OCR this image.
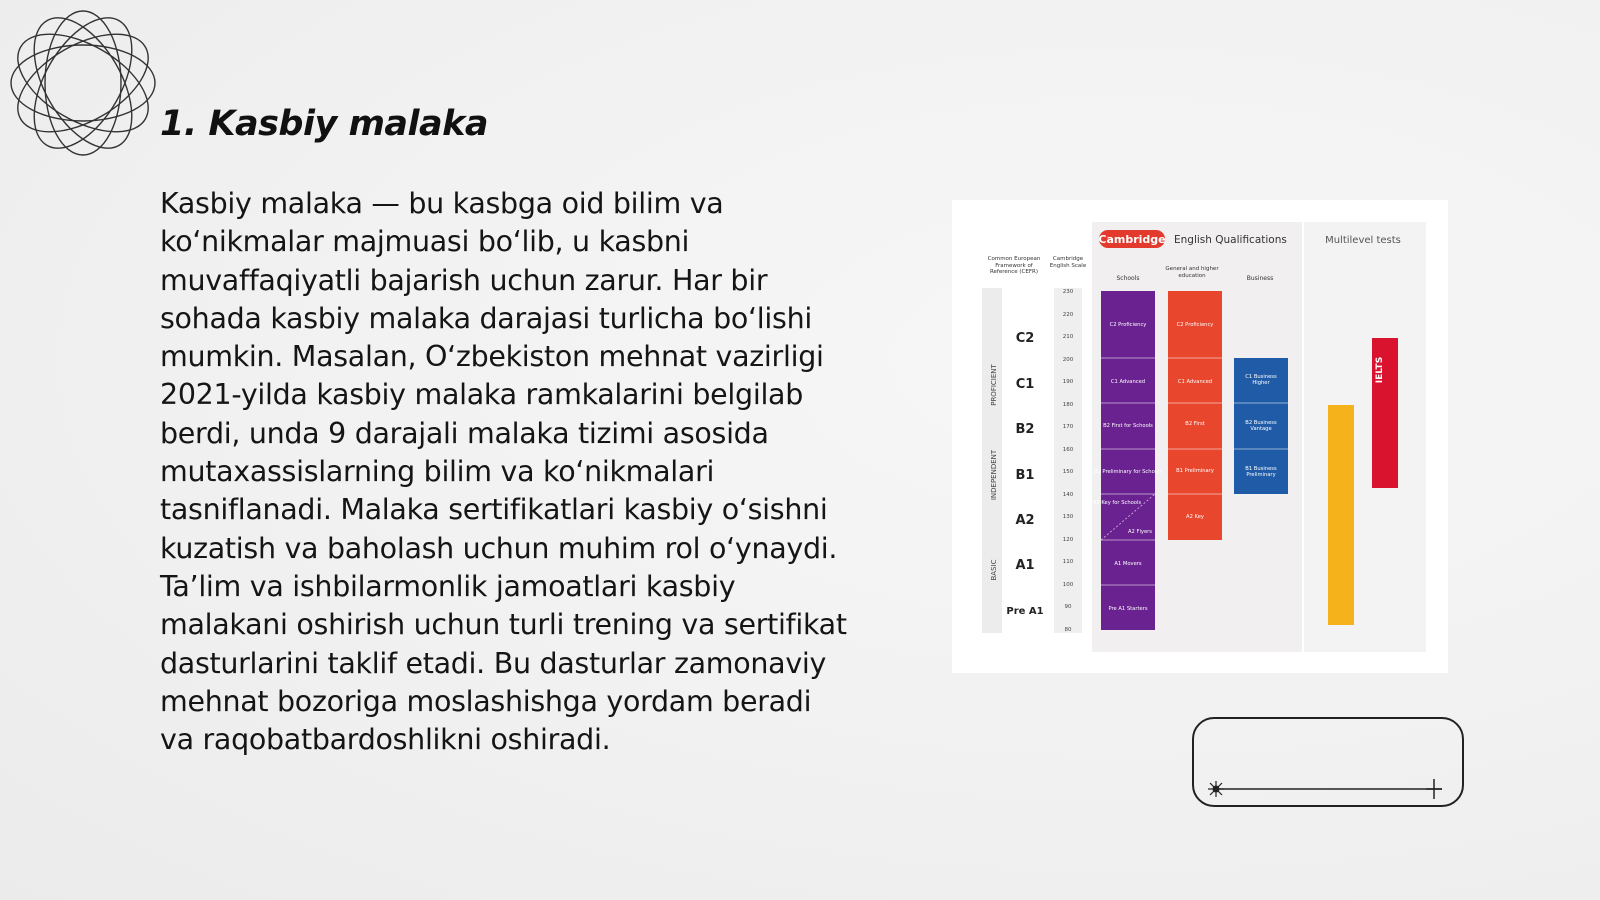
1. Kasbiy malaka

Kasbiy malaka — bu kasbga oid bilim va ko‘nikmalar majmuasi bo‘lib, u kasbni muvaffaqiyatli bajarish uchun zarur. Har bir sohada kasbiy malaka darajasi turlicha bo‘lishi mumkin. Masalan, O‘zbekiston mehnat vazirligi 2021-yilda kasbiy malaka ramkalarini belgilab berdi, unda 9 darajali malaka tizimi asosida mutaxassislarning bilim va ko‘nikmalari tasniflanadi. Malaka sertifikatlari kasbiy o‘sishni kuzatish va baholash uchun muhim rol o‘ynaydi. Ta’lim va ishbilarmonlik jamoatlari kasbiy malakani oshirish uchun turli trening va sertifikat dasturlarini taklif etadi. Bu dasturlar zamonaviy mehnat bozoriga moslashishga yordam beradi va raqobatbardoshlikni oshiradi.

Cambridge English Qualifications	Multilevel tests
Common European Framework of Reference (CEFR)
Cambridge English Scale
Schools
General and higher education	Business
PROFICIENT
INDEPENDENT
BASIC
C2
C1
B2
B1
A2
A1
Pre A1
230
220
210
200
190
180
170
160
150
140
130
120
110
100
90
80
C2 Proficiency
C1 Advanced
B2 First for Schools
B1 Preliminary for Schools
A2 Key for Schools
A2 Flyers
A1 Movers
Pre A1 Starters
C2 Proficiency
C1 Advanced
B2 First
B1 Preliminary
A2 Key
C1 Business Higher
B2 Business Vantage
B1 Business Preliminary
IELTS
